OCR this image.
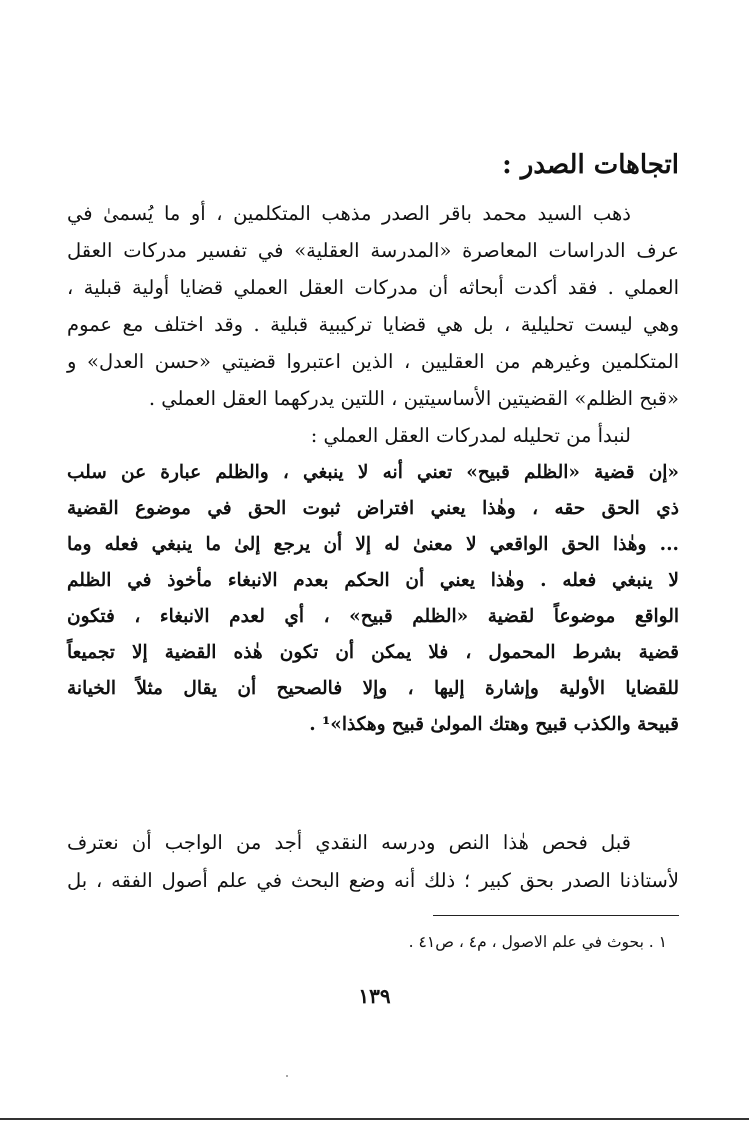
اتجاهات الصدر :
ذهب السيد محمد باقر الصدر مذهب المتكلمين ، أو ما يُسمىٰ في
عرف الدراسات المعاصرة «المدرسة العقلية» في تفسير مدركات العقل
العملي . فقد أكدت أبحاثه أن مدركات العقل العملي قضايا أولية قبلية ،
وهي ليست تحليلية ، بل هي قضايا تركيبية قبلية . وقد اختلف مع عموم
المتكلمين وغيرهم من العقليين ، الذين اعتبروا قضيتي «حسن العدل» و
«قبح الظلم» القضيتين الأساسيتين ، اللتين يدركهما العقل العملي .
لنبدأ من تحليله لمدركات العقل العملي :
«إن قضية «الظلم قبيح» تعني أنه لا ينبغي ، والظلم عبارة عن سلب
ذي الحق حقه ، وهٰذا يعني افتراض ثبوت الحق في موضوع القضية
... وهٰذا الحق الواقعي لا معنىٰ له إلا أن يرجع إلىٰ ما ينبغي فعله وما
لا ينبغي فعله . وهٰذا يعني أن الحكم بعدم الانبغاء مأخوذ في الظلم
الواقع موضوعاً لقضية «الظلم قبيح» ، أي لعدم الانبغاء ، فتكون
قضية بشرط المحمول ، فلا يمكن أن تكون هٰذه القضية إلا تجميعاً
للقضايا الأولية وإشارة إليها ، وإلا فالصحيح أن يقال مثلاً الخيانة
قبيحة والكذب قبيح وهتك المولىٰ قبيح وهكذا»¹ .
قبل فحص هٰذا النص ودرسه النقدي أجد من الواجب أن نعترف
لأستاذنا الصدر بحق كبير ؛ ذلك أنه وضع البحث في علم أصول الفقه ، بل
١ . بحوث في علم الاصول ، م٤ ، ص٤١ .
١٣٩
